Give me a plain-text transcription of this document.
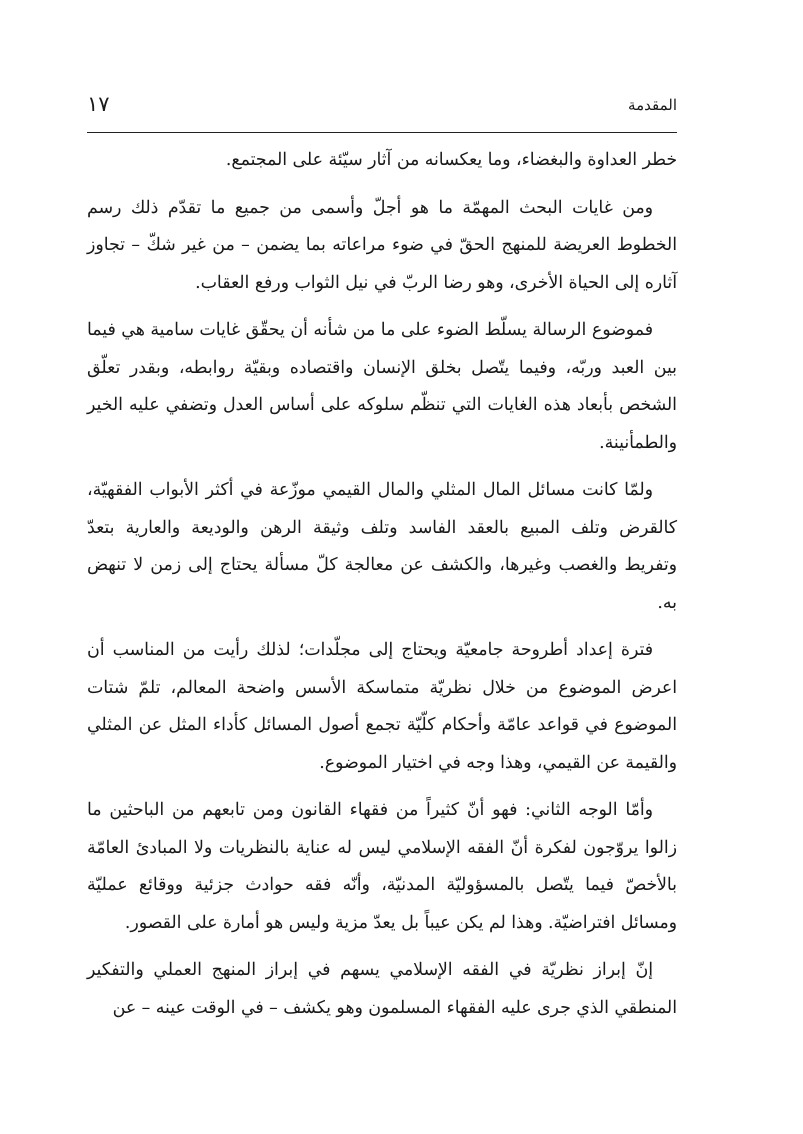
المقدمة
١٧

خطر العداوة والبغضاء، وما يعكسانه من آثار سيّئة على المجتمع.

ومن غايات البحث المهمّة ما هو أجلّ وأسمى من جميع ما تقدّم ذلك رسم الخطوط العريضة للمنهج الحقّ في ضوء مراعاته بما يضمن – من غير شكّ – تجاوز آثاره إلى الحياة الأخرى، وهو رضا الربّ في نيل الثواب ورفع العقاب.

فموضوع الرسالة يسلّط الضوء على ما من شأنه أن يحقّق غايات سامية هي فيما بين العبد وربّه، وفيما يتّصل بخلق الإنسان واقتصاده وبقيّة روابطه، وبقدر تعلّق الشخص بأبعاد هذه الغايات التي تنظّم سلوكه على أساس العدل وتضفي عليه الخير والطمأنينة.

ولمّا كانت مسائل المال المثلي والمال القيمي موزّعة في أكثر الأبواب الفقهيّة، كالقرض وتلف المبيع بالعقد الفاسد وتلف وثيقة الرهن والوديعة والعارية بتعدّ وتفريط والغصب وغيرها، والكشف عن معالجة كلّ مسألة يحتاج إلى زمن لا تنهض به.

فترة إعداد أطروحة جامعيّة ويحتاج إلى مجلّدات؛ لذلك رأيت من المناسب أن اعرض الموضوع من خلال نظريّة متماسكة الأسس واضحة المعالم، تلمّ شتات الموضوع في قواعد عامّة وأحكام كلّيّة تجمع أصول المسائل كأداء المثل عن المثلي والقيمة عن القيمي، وهذا وجه في اختيار الموضوع.

وأمّا الوجه الثاني: فهو أنّ كثيراً من فقهاء القانون ومن تابعهم من الباحثين ما زالوا يروّجون لفكرة أنّ الفقه الإسلامي ليس له عناية بالنظريات ولا المبادئ العامّة بالأخصّ فيما يتّصل بالمسؤوليّة المدنيّة، وأنّه فقه حوادث جزئية ووقائع عمليّة ومسائل افتراضيّة. وهذا لم يكن عيباً بل يعدّ مزية وليس هو أمارة على القصور.

إنّ إبراز نظريّة في الفقه الإسلامي يسهم في إبراز المنهج العملي والتفكير المنطقي الذي جرى عليه الفقهاء المسلمون وهو يكشف – في الوقت عينه – عن
